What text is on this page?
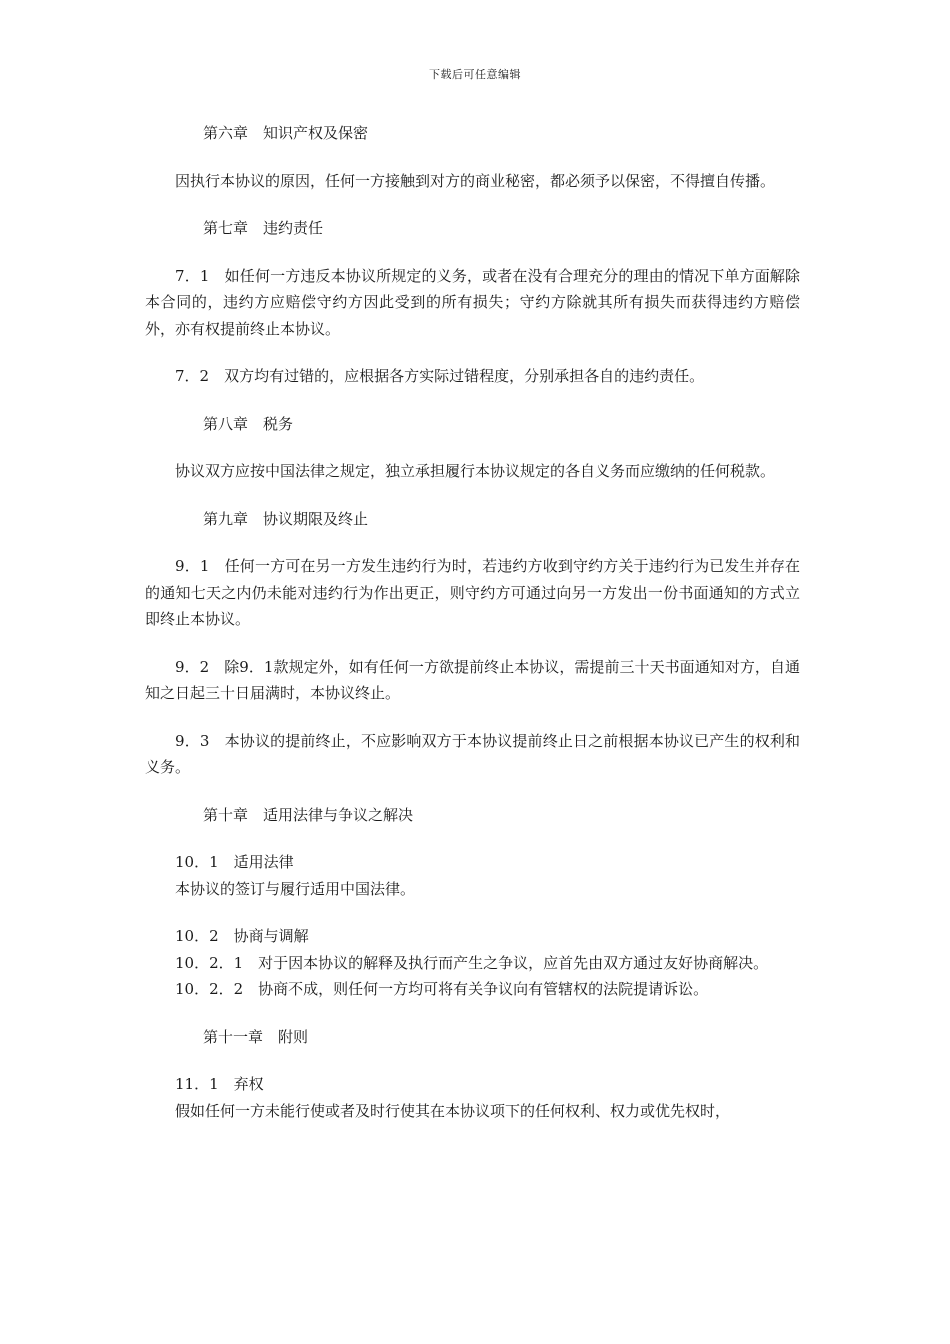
下载后可任意编辑

第六章　知识产权及保密

因执行本协议的原因，任何一方接触到对方的商业秘密，都必须予以保密，不得擅自传播。

第七章　违约责任

7．1　如任何一方违反本协议所规定的义务，或者在没有合理充分的理由的情况下单方面解除本合同的，违约方应赔偿守约方因此受到的所有损失；守约方除就其所有损失而获得违约方赔偿外，亦有权提前终止本协议。

7．2　双方均有过错的，应根据各方实际过错程度，分别承担各自的违约责任。

第八章　税务

协议双方应按中国法律之规定，独立承担履行本协议规定的各自义务而应缴纳的任何税款。

第九章　协议期限及终止

9．1　任何一方可在另一方发生违约行为时，若违约方收到守约方关于违约行为已发生并存在的通知七天之内仍未能对违约行为作出更正，则守约方可通过向另一方发出一份书面通知的方式立即终止本协议。

9．2　除9．1款规定外，如有任何一方欲提前终止本协议，需提前三十天书面通知对方，自通知之日起三十日届满时，本协议终止。

9．3　本协议的提前终止，不应影响双方于本协议提前终止日之前根据本协议已产生的权利和义务。

第十章　适用法律与争议之解决

10．1　适用法律

本协议的签订与履行适用中国法律。

10．2　协商与调解

10．2．1　对于因本协议的解释及执行而产生之争议，应首先由双方通过友好协商解决。

10．2．2　协商不成，则任何一方均可将有关争议向有管辖权的法院提请诉讼。

第十一章　附则

11．1　弃权

假如任何一方未能行使或者及时行使其在本协议项下的任何权利、权力或优先权时，
